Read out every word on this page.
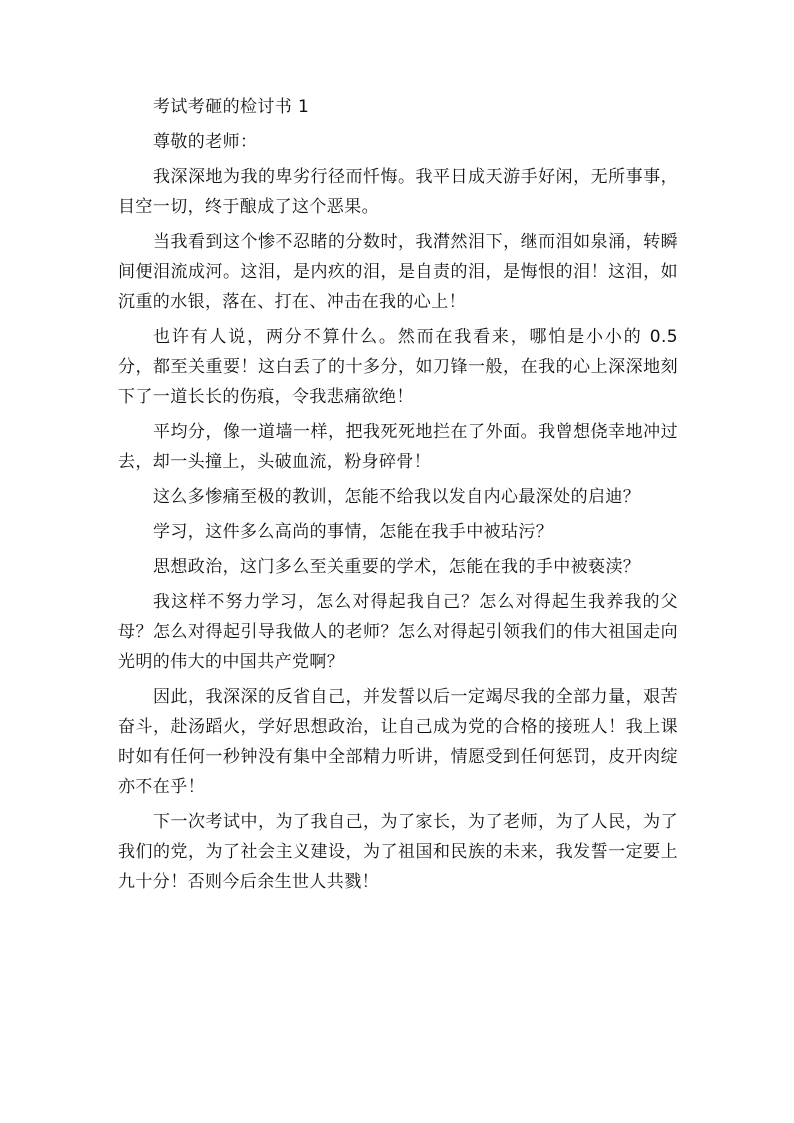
考试考砸的检讨书 1

尊敬的老师：

我深深地为我的卑劣行径而忏悔。我平日成天游手好闲，无所事事，目空一切，终于酿成了这个恶果。

当我看到这个惨不忍睹的分数时，我潸然泪下，继而泪如泉涌，转瞬间便泪流成河。这泪，是内疚的泪，是自责的泪，是悔恨的泪！这泪，如沉重的水银，落在、打在、冲击在我的心上！

也许有人说，两分不算什么。然而在我看来，哪怕是小小的 0.5 分，都至关重要！这白丢了的十多分，如刀锋一般，在我的心上深深地刻下了一道长长的伤痕，令我悲痛欲绝！

平均分，像一道墙一样，把我死死地拦在了外面。我曾想侥幸地冲过去，却一头撞上，头破血流，粉身碎骨！

这么多惨痛至极的教训，怎能不给我以发自内心最深处的启迪？

学习，这件多么高尚的事情，怎能在我手中被玷污？

思想政治，这门多么至关重要的学术，怎能在我的手中被亵渎？

我这样不努力学习，怎么对得起我自己？怎么对得起生我养我的父母？怎么对得起引导我做人的老师？怎么对得起引领我们的伟大祖国走向光明的伟大的中国共产党啊？

因此，我深深的反省自己，并发誓以后一定竭尽我的全部力量，艰苦奋斗，赴汤蹈火，学好思想政治，让自己成为党的合格的接班人！我上课时如有任何一秒钟没有集中全部精力听讲，情愿受到任何惩罚，皮开肉绽亦不在乎！

下一次考试中，为了我自己，为了家长，为了老师，为了人民，为了我们的党，为了社会主义建设，为了祖国和民族的未来，我发誓一定要上九十分！否则今后余生世人共戮！
